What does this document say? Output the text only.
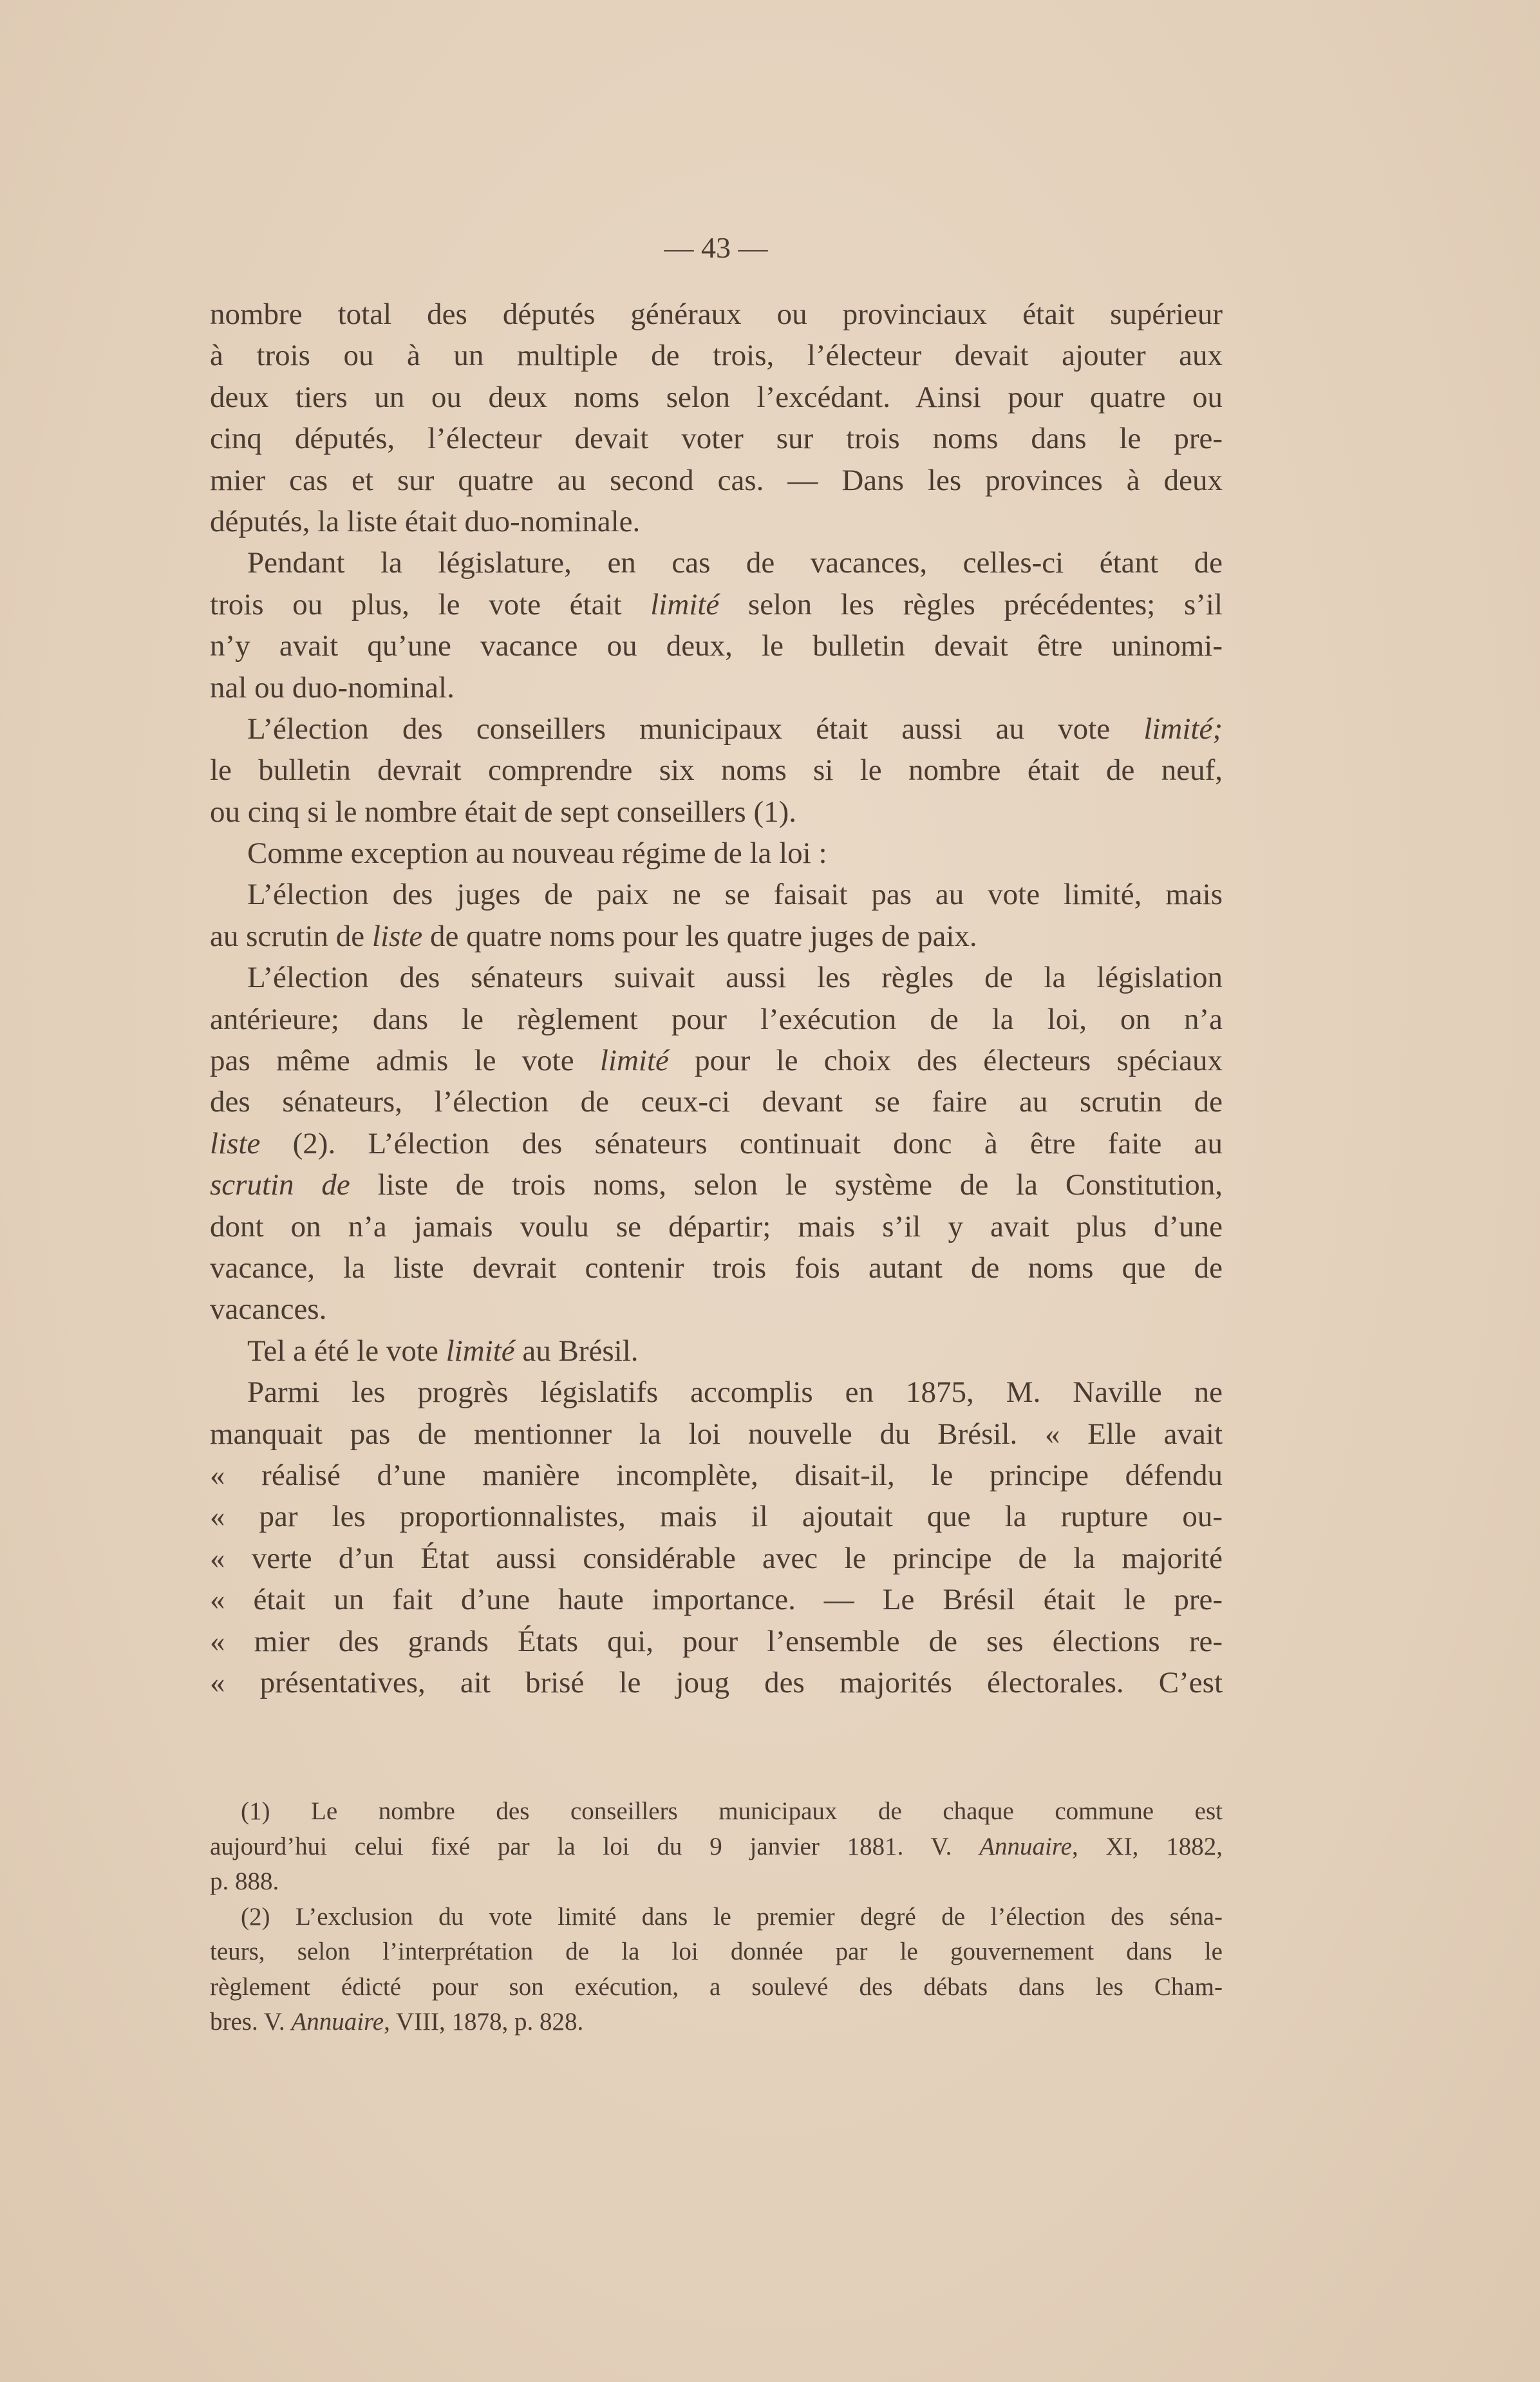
— 43 —
nombre total des députés généraux ou provinciaux était supérieur
à trois ou à un multiple de trois, l’électeur devait ajouter aux
deux tiers un ou deux noms selon l’excédant. Ainsi pour quatre ou
cinq députés, l’électeur devait voter sur trois noms dans le pre-
mier cas et sur quatre au second cas. — Dans les provinces à deux
députés, la liste était duo-nominale.
Pendant la législature, en cas de vacances, celles-ci étant de
trois ou plus, le vote était limité selon les règles précédentes; s’il
n’y avait qu’une vacance ou deux, le bulletin devait être uninomi-
nal ou duo-nominal.
L’élection des conseillers municipaux était aussi au vote limité;
le bulletin devrait comprendre six noms si le nombre était de neuf,
ou cinq si le nombre était de sept conseillers (1).
Comme exception au nouveau régime de la loi :
L’élection des juges de paix ne se faisait pas au vote limité, mais
au scrutin de liste de quatre noms pour les quatre juges de paix.
L’élection des sénateurs suivait aussi les règles de la législation
antérieure; dans le règlement pour l’exécution de la loi, on n’a
pas même admis le vote limité pour le choix des électeurs spéciaux
des sénateurs, l’élection de ceux-ci devant se faire au scrutin de
liste (2). L’élection des sénateurs continuait donc à être faite au
scrutin de liste de trois noms, selon le système de la Constitution,
dont on n’a jamais voulu se départir; mais s’il y avait plus d’une
vacance, la liste devrait contenir trois fois autant de noms que de
vacances.
Tel a été le vote limité au Brésil.
Parmi les progrès législatifs accomplis en 1875, M. Naville ne
manquait pas de mentionner la loi nouvelle du Brésil. « Elle avait
« réalisé d’une manière incomplète, disait-il, le principe défendu
« par les proportionnalistes, mais il ajoutait que la rupture ou-
« verte d’un État aussi considérable avec le principe de la majorité
« était un fait d’une haute importance. — Le Brésil était le pre-
« mier des grands États qui, pour l’ensemble de ses élections re-
« présentatives, ait brisé le joug des majorités électorales. C’est
(1) Le nombre des conseillers municipaux de chaque commune est
aujourd’hui celui fixé par la loi du 9 janvier 1881. V. Annuaire, XI, 1882,
p. 888.
(2) L’exclusion du vote limité dans le premier degré de l’élection des séna-
teurs, selon l’interprétation de la loi donnée par le gouvernement dans le
règlement édicté pour son exécution, a soulevé des débats dans les Cham-
bres. V. Annuaire, VIII, 1878, p. 828.
